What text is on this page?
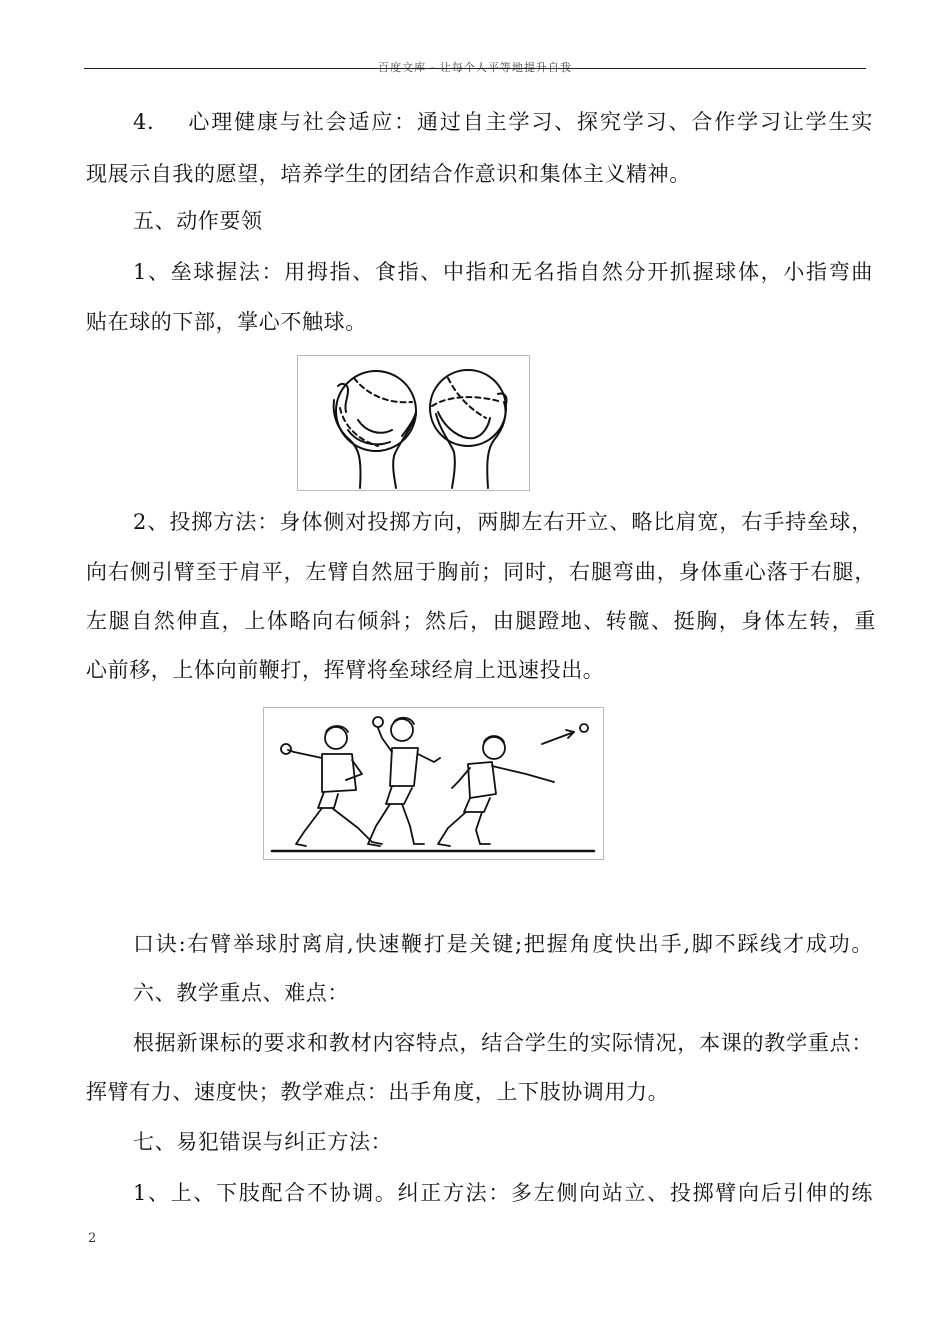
百度文库 - 让每个人平等地提升自我
4.    心理健康与社会适应：通过自主学习、探究学习、合作学习让学生实
现展示自我的愿望，培养学生的团结合作意识和集体主义精神。
五、动作要领
1、垒球握法：用拇指、食指、中指和无名指自然分开抓握球体，小指弯曲
贴在球的下部，掌心不触球。
2、投掷方法：身体侧对投掷方向，两脚左右开立、略比肩宽，右手持垒球，
向右侧引臂至于肩平，左臂自然屈于胸前；同时，右腿弯曲，身体重心落于右腿，
左腿自然伸直，上体略向右倾斜；然后，由腿蹬地、转髋、挺胸，身体左转，重
心前移，上体向前鞭打，挥臂将垒球经肩上迅速投出。
口诀:右臂举球肘离肩,快速鞭打是关键;把握角度快出手,脚不踩线才成功。
六、教学重点、难点：
根据新课标的要求和教材内容特点，结合学生的实际情况，本课的教学重点：
挥臂有力、速度快；教学难点：出手角度，上下肢协调用力。
七、易犯错误与纠正方法：
1、上、下肢配合不协调。纠正方法：多左侧向站立、投掷臂向后引伸的练
2
